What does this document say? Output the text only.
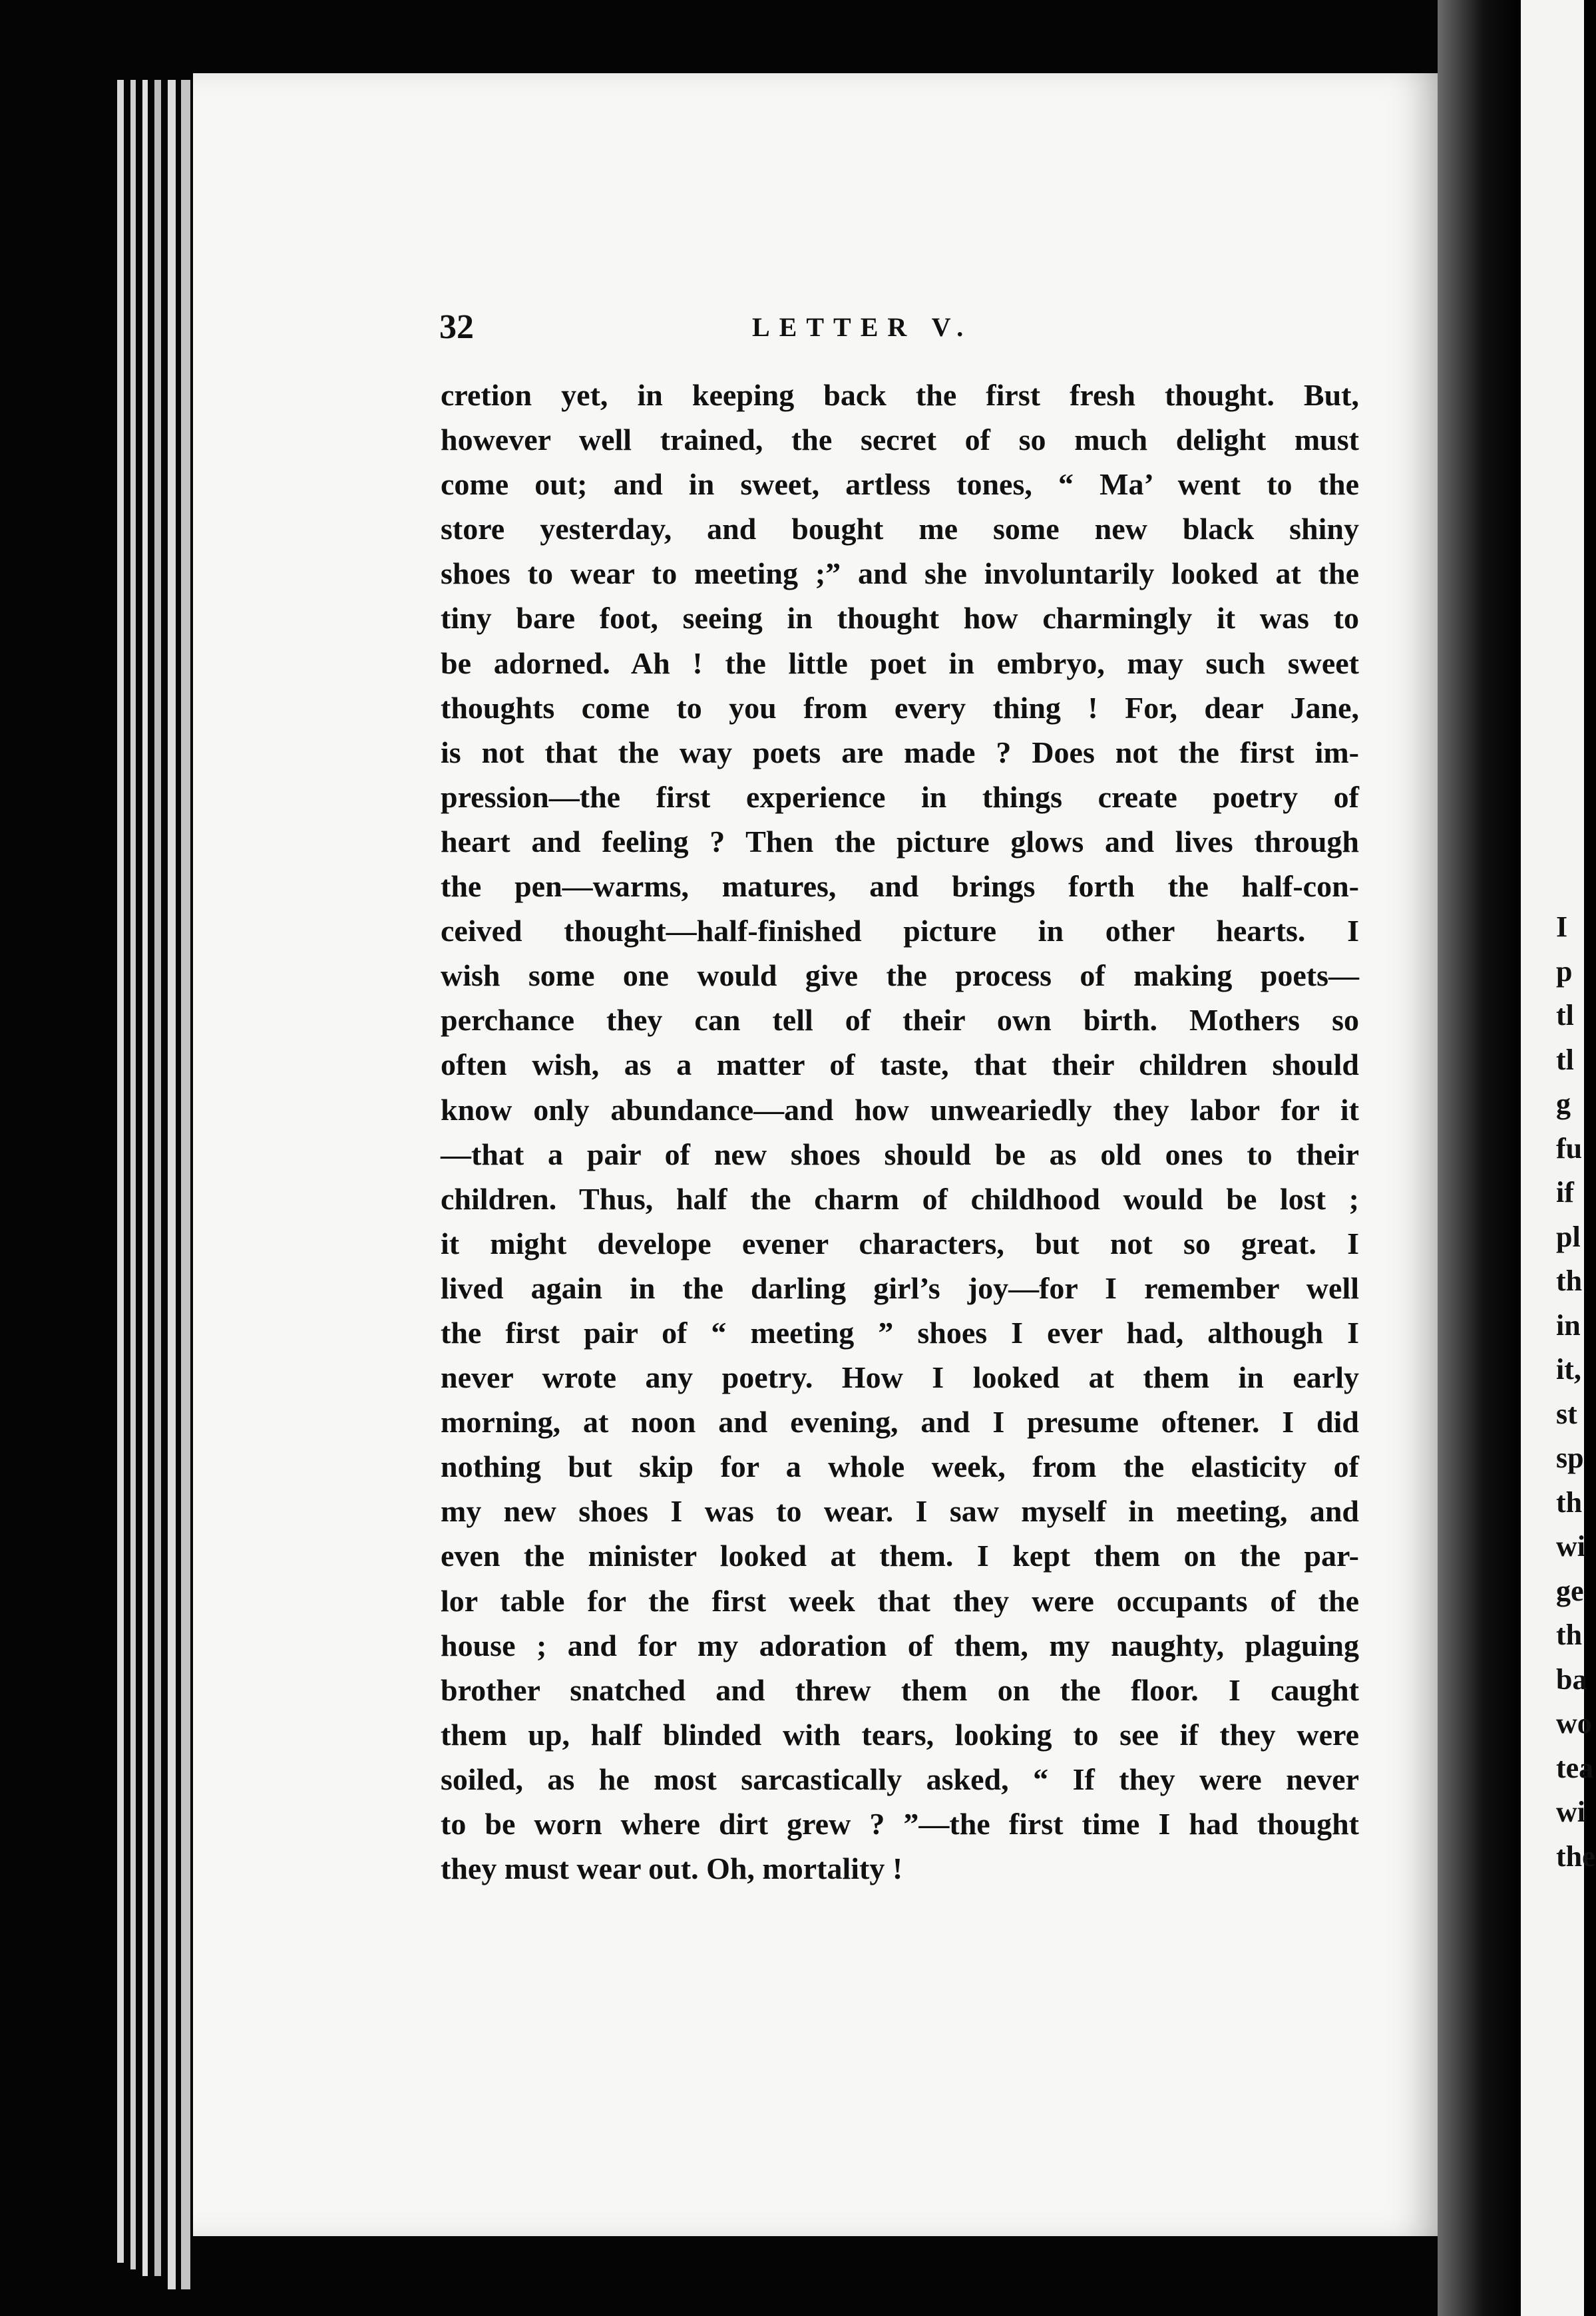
I
p
tl
tl
g
fu
if
pl
th
in
it,
st
sp
th
wi
ge
th
ba
wo
tea
wi
the
32	LETTER V.
cretion yet, in keeping back the first fresh thought. But,
however well trained, the secret of so much delight must
come out; and in sweet, artless tones, “ Ma’ went to the
store yesterday, and bought me some new black shiny
shoes to wear to meeting ;” and she involuntarily looked at the
tiny bare foot, seeing in thought how charmingly it was to
be adorned. Ah ! the little poet in embryo, may such sweet
thoughts come to you from every thing ! For, dear Jane,
is not that the way poets are made ? Does not the first im-
pression—the first experience in things create poetry of
heart and feeling ? Then the picture glows and lives through
the pen—warms, matures, and brings forth the half-con-
ceived thought—half-finished picture in other hearts. I
wish some one would give the process of making poets—
perchance they can tell of their own birth. Mothers so
often wish, as a matter of taste, that their children should
know only abundance—and how unweariedly they labor for it
—that a pair of new shoes should be as old ones to their
children. Thus, half the charm of childhood would be lost ;
it might develope evener characters, but not so great. I
lived again in the darling girl’s joy—for I remember well
the first pair of “ meeting ” shoes I ever had, although I
never wrote any poetry. How I looked at them in early
morning, at noon and evening, and I presume oftener. I did
nothing but skip for a whole week, from the elasticity of
my new shoes I was to wear. I saw myself in meeting, and
even the minister looked at them. I kept them on the par-
lor table for the first week that they were occupants of the
house ; and for my adoration of them, my naughty, plaguing
brother snatched and threw them on the floor. I caught
them up, half blinded with tears, looking to see if they were
soiled, as he most sarcastically asked, “ If they were never
to be worn where dirt grew ? ”—the first time I had thought
they must wear out. Oh, mortality !
